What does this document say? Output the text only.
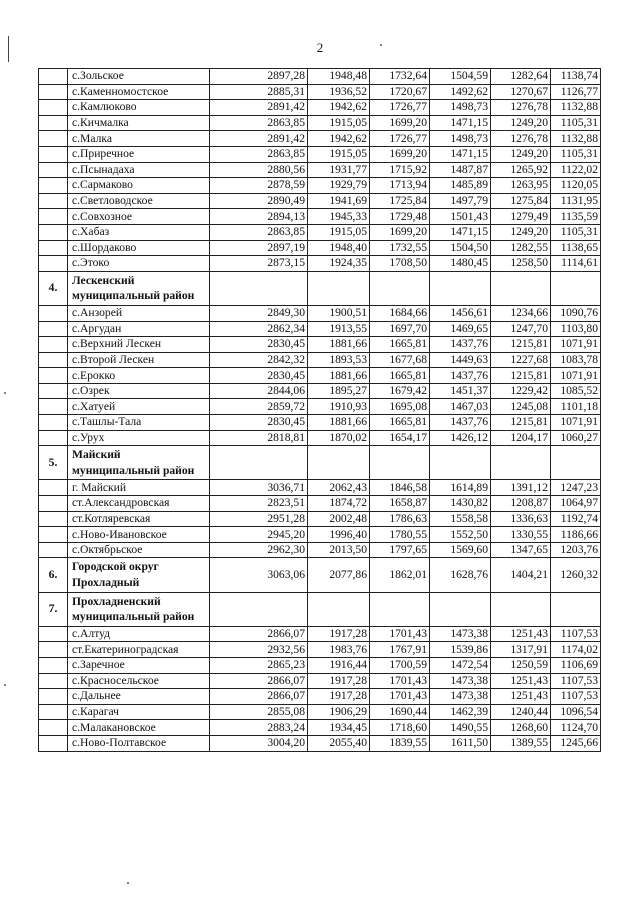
2
	с.Зольское	2897,28	1948,48	1732,64	1504,59	1282,64	1138,74
	с.Каменномостское	2885,31	1936,52	1720,67	1492,62	1270,67	1126,77
	с.Камлюково	2891,42	1942,62	1726,77	1498,73	1276,78	1132,88
	с.Кичмалка	2863,85	1915,05	1699,20	1471,15	1249,20	1105,31
	с.Малка	2891,42	1942,62	1726,77	1498,73	1276,78	1132,88
	с.Приречное	2863,85	1915,05	1699,20	1471,15	1249,20	1105,31
	с.Псынадаха	2880,56	1931,77	1715,92	1487,87	1265,92	1122,02
	с.Сармаково	2878,59	1929,79	1713,94	1485,89	1263,95	1120,05
	с.Светловодское	2890,49	1941,69	1725,84	1497,79	1275,84	1131,95
	с.Совхозное	2894,13	1945,33	1729,48	1501,43	1279,49	1135,59
	с.Хабаз	2863,85	1915,05	1699,20	1471,15	1249,20	1105,31
	с.Шордаково	2897,19	1948,40	1732,55	1504,50	1282,55	1138,65
	с.Этоко	2873,15	1924,35	1708,50	1480,45	1258,50	1114,61
4.	Лескенский муниципальный район						
	с.Анзорей	2849,30	1900,51	1684,66	1456,61	1234,66	1090,76
	с.Аргудан	2862,34	1913,55	1697,70	1469,65	1247,70	1103,80
	с.Верхний Лескен	2830,45	1881,66	1665,81	1437,76	1215,81	1071,91
	с.Второй Лескен	2842,32	1893,53	1677,68	1449,63	1227,68	1083,78
	с.Ерокко	2830,45	1881,66	1665,81	1437,76	1215,81	1071,91
	с.Озрек	2844,06	1895,27	1679,42	1451,37	1229,42	1085,52
	с.Хатуей	2859,72	1910,93	1695,08	1467,03	1245,08	1101,18
	с.Ташлы-Тала	2830,45	1881,66	1665,81	1437,76	1215,81	1071,91
	с.Урух	2818,81	1870,02	1654,17	1426,12	1204,17	1060,27
5.	Майский муниципальный район						
	г. Майский	3036,71	2062,43	1846,58	1614,89	1391,12	1247,23
	ст.Александровская	2823,51	1874,72	1658,87	1430,82	1208,87	1064,97
	ст.Котляревская	2951,28	2002,48	1786,63	1558,58	1336,63	1192,74
	с.Ново-Ивановское	2945,20	1996,40	1780,55	1552,50	1330,55	1186,66
	с.Октябрьское	2962,30	2013,50	1797,65	1569,60	1347,65	1203,76
6.	Городской округ Прохладный	3063,06	2077,86	1862,01	1628,76	1404,21	1260,32
7.	Прохладненский муниципальный район						
	с.Алтуд	2866,07	1917,28	1701,43	1473,38	1251,43	1107,53
	ст.Екатериноградская	2932,56	1983,76	1767,91	1539,86	1317,91	1174,02
	с.Заречное	2865,23	1916,44	1700,59	1472,54	1250,59	1106,69
	с.Красносельское	2866,07	1917,28	1701,43	1473,38	1251,43	1107,53
	с.Дальнее	2866,07	1917,28	1701,43	1473,38	1251,43	1107,53
	с.Карагач	2855,08	1906,29	1690,44	1462,39	1240,44	1096,54
	с.Малакановское	2883,24	1934,45	1718,60	1490,55	1268,60	1124,70
	с.Ново-Полтавское	3004,20	2055,40	1839,55	1611,50	1389,55	1245,66
